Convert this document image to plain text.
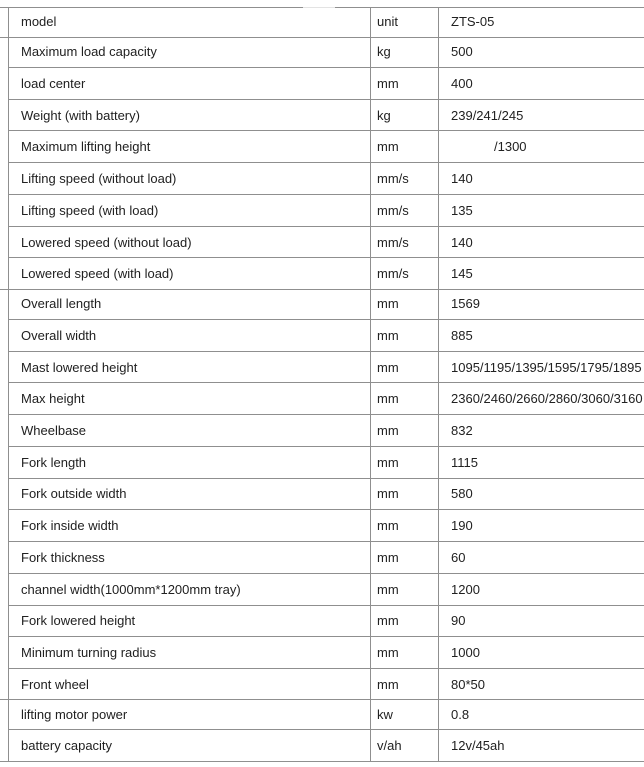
model	unit	ZTS-05
Maximum load capacity	kg	500
load center	mm	400
Weight (with battery)	kg	239/241/245
Maximum lifting height	mm	/1300
Lifting speed (without load)	mm/s	140
Lifting speed (with load)	mm/s	135
Lowered speed (without load)	mm/s	140
Lowered speed (with load)	mm/s	145
Overall length	mm	1569
Overall width	mm	885
Mast lowered height	mm	1095/1195/1395/1595/1795/1895
Max height	mm	2360/2460/2660/2860/3060/3160
Wheelbase	mm	832
Fork length	mm	1115
Fork outside width	mm	580
Fork inside width	mm	190
Fork thickness	mm	60
channel width(1000mm*1200mm tray)	mm	1200
Fork lowered height	mm	90
Minimum turning radius	mm	1000
Front wheel	mm	80*50
lifting motor power	kw	0.8
battery capacity	v/ah	12v/45ah
